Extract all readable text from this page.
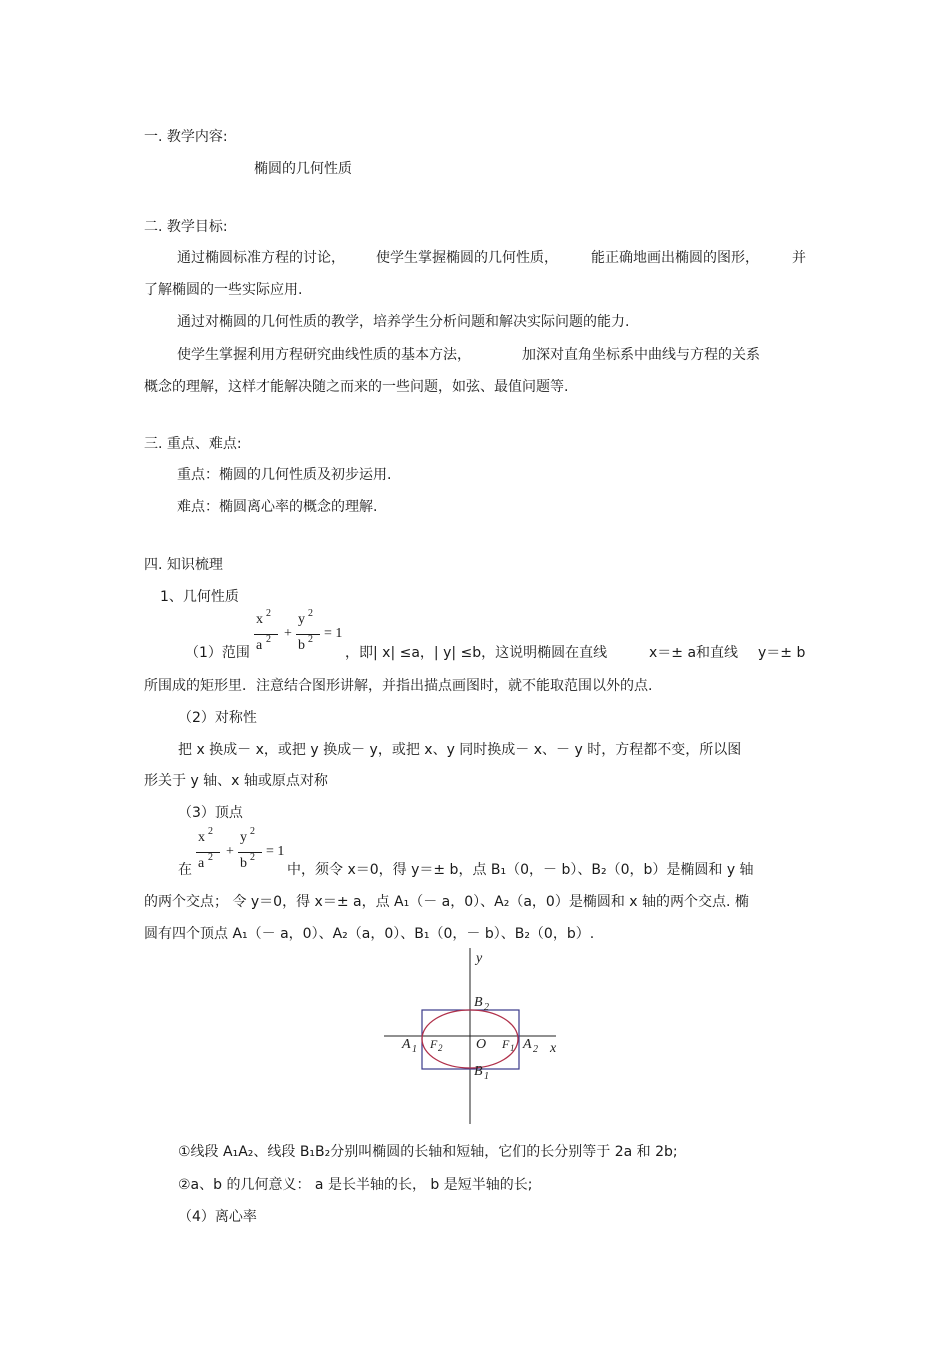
一. 教学内容:
椭圆的几何性质
二. 教学目标:
通过椭圆标准方程的讨论， 使学生掌握椭圆的几何性质， 能正确地画出椭圆的图形， 并
了解椭圆的一些实际应用.
通过对椭圆的几何性质的教学，培养学生分析问题和解决实际问题的能力.
使学生掌握利用方程研究曲线性质的基本方法，	加深对直角坐标系中曲线与方程的关系
概念的理解，这样才能解决随之而来的一些问题，如弦、最值问题等.
三. 重点、难点:
重点：椭圆的几何性质及初步运用.
难点：椭圆离心率的概念的理解.
四. 知识梳理
1、几何性质
（1）范围
x 2
a 2 +
y 2
b 2 = 1
，即| x| ≤a，| y| ≤b，这说明椭圆在直线	x＝± a和直线 y＝± b
所围成的矩形里．注意结合图形讲解，并指出描点画图时，就不能取范围以外的点.
（2）对称性
把 x 换成－ x，或把 y 换成－ y，或把 x、y 同时换成－ x、－ y 时，方程都不变，所以图
形关于 y 轴、x 轴或原点对称
（3）顶点
x 2
a 2 +
y 2
b 2 = 1
在	中，须令 x＝0，得 y＝± b，点 B₁（0，－ b）、B₂（0，b）是椭圆和 y 轴
的两个交点； 令 y＝0，得 x＝± a，点 A₁（－ a，0）、A₂（a，0）是椭圆和 x 轴的两个交点. 椭
圆有四个顶点 A₁（－ a，0）、A₂（a，0）、B₁（0，－ b）、B₂（0，b）.
y
x
B 2
B 1
A 1	A 2
F 2 O F 1
①线段 A₁A₂、线段 B₁B₂分别叫椭圆的长轴和短轴，它们的长分别等于 2a 和 2b;
②a、b 的几何意义： a 是长半轴的长， b 是短半轴的长;
（4）离心率
